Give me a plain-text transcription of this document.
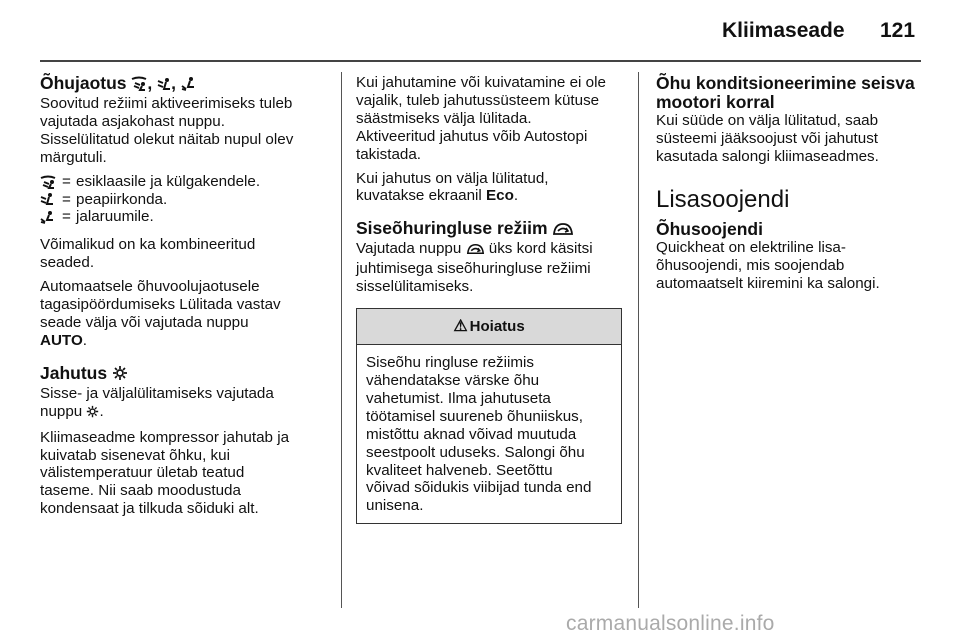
Kliimaseade 121
Õhujaotus , ,
Soovitud režiimi aktiveerimiseks tuleb
vajutada asjakohast nuppu.
Sisselülitatud olekut näitab nupul olev
märgutuli.
= esiklaasile ja külgakendele.
= peapiirkonda.
= jalaruumile.
Võimalikud on ka kombineeritud
seaded.
Automaatsele õhuvoolujaotusele
tagasipöördumiseks Lülitada vastav
seade välja või vajutada nuppu
AUTO.
Jahutus
Sisse- ja väljalülitamiseks vajutada
nuppu .
Kliimaseadme kompressor jahutab ja
kuivatab sisenevat õhku, kui
välistemperatuur ületab teatud
taseme. Nii saab moodustuda
kondensaat ja tilkuda sõiduki alt.
Kui jahutamine või kuivatamine ei ole
vajalik, tuleb jahutussüsteem kütuse
säästmiseks välja lülitada.
Aktiveeritud jahutus võib Autostopi
takistada.
Kui jahutus on välja lülitatud,
kuvatakse ekraanil Eco.
Siseõhuringluse režiim
Vajutada nuppu üks kord käsitsi
juhtimisega siseõhuringluse režiimi
sisselülitamiseks.
⚠ Hoiatus
Siseõhu ringluse režiimis
vähendatakse värske õhu
vahetumist. Ilma jahutuseta
töötamisel suureneb õhuniiskus,
mistõttu aknad võivad muutuda
seestpoolt uduseks. Salongi õhu
kvaliteet halveneb. Seetõttu
võivad sõidukis viibijad tunda end
unisena.
Õhu konditsioneerimine seisva
mootori korral
Kui süüde on välja lülitatud, saab
süsteemi jääksoojust või jahutust
kasutada salongi kliimaseadmes.
Lisasoojendi
Õhusoojendi
Quickheat on elektriline lisa-
õhusoojendi, mis soojendab
automaatselt kiiremini ka salongi.
carmanualsonline.info
